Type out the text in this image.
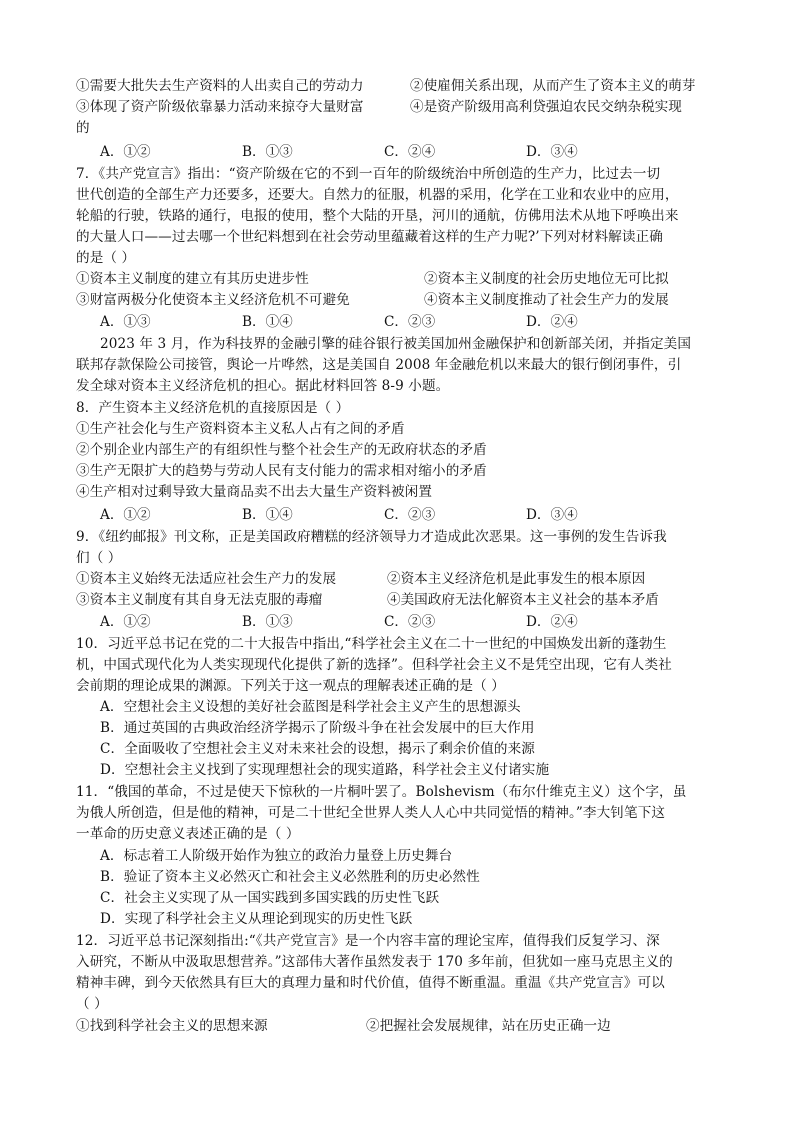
①需要大批失去生产资料的人出卖自己的劳动力	②使雇佣关系出现，从而产生了资本主义的萌芽
③体现了资产阶级依靠暴力活动来掠夺大量财富	④是资产阶级用高利贷强迫农民交纳杂税实现
的
A．①②	B．①③	C．②④	D．③④
7．《共产党宣言》指出：“资产阶级在它的不到一百年的阶级统治中所创造的生产力，比过去一切
世代创造的全部生产力还要多，还要大。自然力的征服，机器的采用，化学在工业和农业中的应用，
轮船的行驶，铁路的通行，电报的使用，整个大陆的开垦，河川的通航，仿佛用法术从地下呼唤出来
的大量人口——过去哪一个世纪料想到在社会劳动里蕴藏着这样的生产力呢?’下列对材料解读正确
的是（ ）
①资本主义制度的建立有其历史进步性	②资本主义制度的社会历史地位无可比拟
③财富两极分化使资本主义经济危机不可避免	④资本主义制度推动了社会生产力的发展
A．①③	B．①④	C．②③	D．②④
2023 年 3 月，作为科技界的金融引擎的硅谷银行被美国加州金融保护和创新部关闭，并指定美国
联邦存款保险公司接管，舆论一片哗然，这是美国自 2008 年金融危机以来最大的银行倒闭事件，引
发全球对资本主义经济危机的担心。据此材料回答 8-9 小题。
8．产生资本主义经济危机的直接原因是（ ）
①生产社会化与生产资料资本主义私人占有之间的矛盾
②个别企业内部生产的有组织性与整个社会生产的无政府状态的矛盾
③生产无限扩大的趋势与劳动人民有支付能力的需求相对缩小的矛盾
④生产相对过剩导致大量商品卖不出去大量生产资料被闲置
A．①②	B．①④	C．②③	D．③④
9．《纽约邮报》刊文称，正是美国政府糟糕的经济领导力才造成此次恶果。这一事例的发生告诉我
们（ ）
①资本主义始终无法适应社会生产力的发展	②资本主义经济危机是此事发生的根本原因
③资本主义制度有其自身无法克服的毒瘤	④美国政府无法化解资本主义社会的基本矛盾
A．①②	B．①③	C．②③	D．②④
10．习近平总书记在党的二十大报告中指出,“科学社会主义在二十一世纪的中国焕发出新的蓬勃生
机，中国式现代化为人类实现现代化提供了新的选择”。但科学社会主义不是凭空出现，它有人类社
会前期的理论成果的渊源。下列关于这一观点的理解表述正确的是（ ）
A．空想社会主义设想的美好社会蓝图是科学社会主义产生的思想源头
B．通过英国的古典政治经济学揭示了阶级斗争在社会发展中的巨大作用
C．全面吸收了空想社会主义对未来社会的设想，揭示了剩余价值的来源
D．空想社会主义找到了实现理想社会的现实道路，科学社会主义付诸实施
11．“俄国的革命，不过是使天下惊秋的一片桐叶罢了。Bolshevism（布尔什维克主义）这个字，虽
为俄人所创造，但是他的精神，可是二十世纪全世界人类人人心中共同觉悟的精神。”李大钊笔下这
一革命的历史意义表述正确的是（ ）
A．标志着工人阶级开始作为独立的政治力量登上历史舞台
B．验证了资本主义必然灭亡和社会主义必然胜利的历史必然性
C．社会主义实现了从一国实践到多国实践的历史性飞跃
D．实现了科学社会主义从理论到现实的历史性飞跃
12．习近平总书记深刻指出:“《共产党宣言》是一个内容丰富的理论宝库，值得我们反复学习、深
入研究，不断从中汲取思想营养。”这部伟大著作虽然发表于 170 多年前，但犹如一座马克思主义的
精神丰碑，到今天依然具有巨大的真理力量和时代价值，值得不断重温。重温《共产党宣言》可以
（ ）
①找到科学社会主义的思想来源	②把握社会发展规律，站在历史正确一边
